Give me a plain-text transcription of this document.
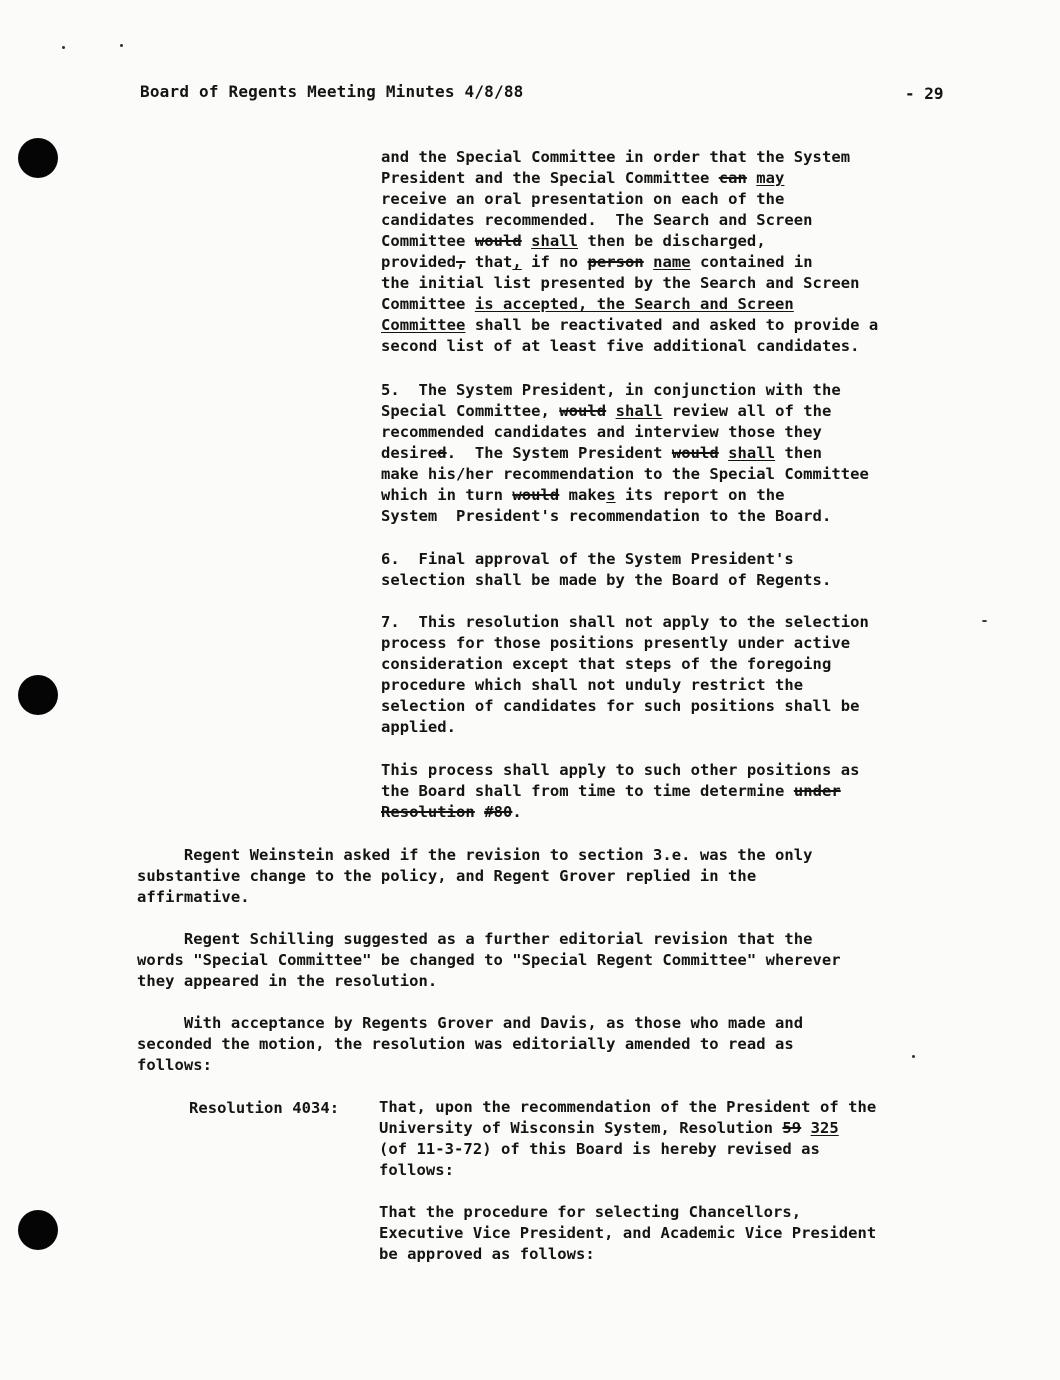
Board of Regents Meeting Minutes 4/8/88	- 29
and the Special Committee in order that the System
President and the Special Committee can may
receive an oral presentation on each of the
candidates recommended.  The Search and Screen
Committee would shall then be discharged,
provided, that, if no person name contained in
the initial list presented by the Search and Screen
Committee is accepted, the Search and Screen
Committee shall be reactivated and asked to provide a
second list of at least five additional candidates.
5.  The System President, in conjunction with the
Special Committee, would shall review all of the
recommended candidates and interview those they
desired.  The System President would shall then
make his/her recommendation to the Special Committee
which in turn would makes its report on the
System  President's recommendation to the Board.
6.  Final approval of the System President's
selection shall be made by the Board of Regents.
7.  This resolution shall not apply to the selection
process for those positions presently under active
consideration except that steps of the foregoing
procedure which shall not unduly restrict the
selection of candidates for such positions shall be
applied.
This process shall apply to such other positions as
the Board shall from time to time determine under
Resolution #80.
Regent Weinstein asked if the revision to section 3.e. was the only
substantive change to the policy, and Regent Grover replied in the
affirmative.
Regent Schilling suggested as a further editorial revision that the
words "Special Committee" be changed to "Special Regent Committee" wherever
they appeared in the resolution.
With acceptance by Regents Grover and Davis, as those who made and
seconded the motion, the resolution was editorially amended to read as
follows:
Resolution 4034:	That, upon the recommendation of the President of the
University of Wisconsin System, Resolution 59 325
(of 11-3-72) of this Board is hereby revised as
follows:
That the procedure for selecting Chancellors,
Executive Vice President, and Academic Vice President
be approved as follows:
